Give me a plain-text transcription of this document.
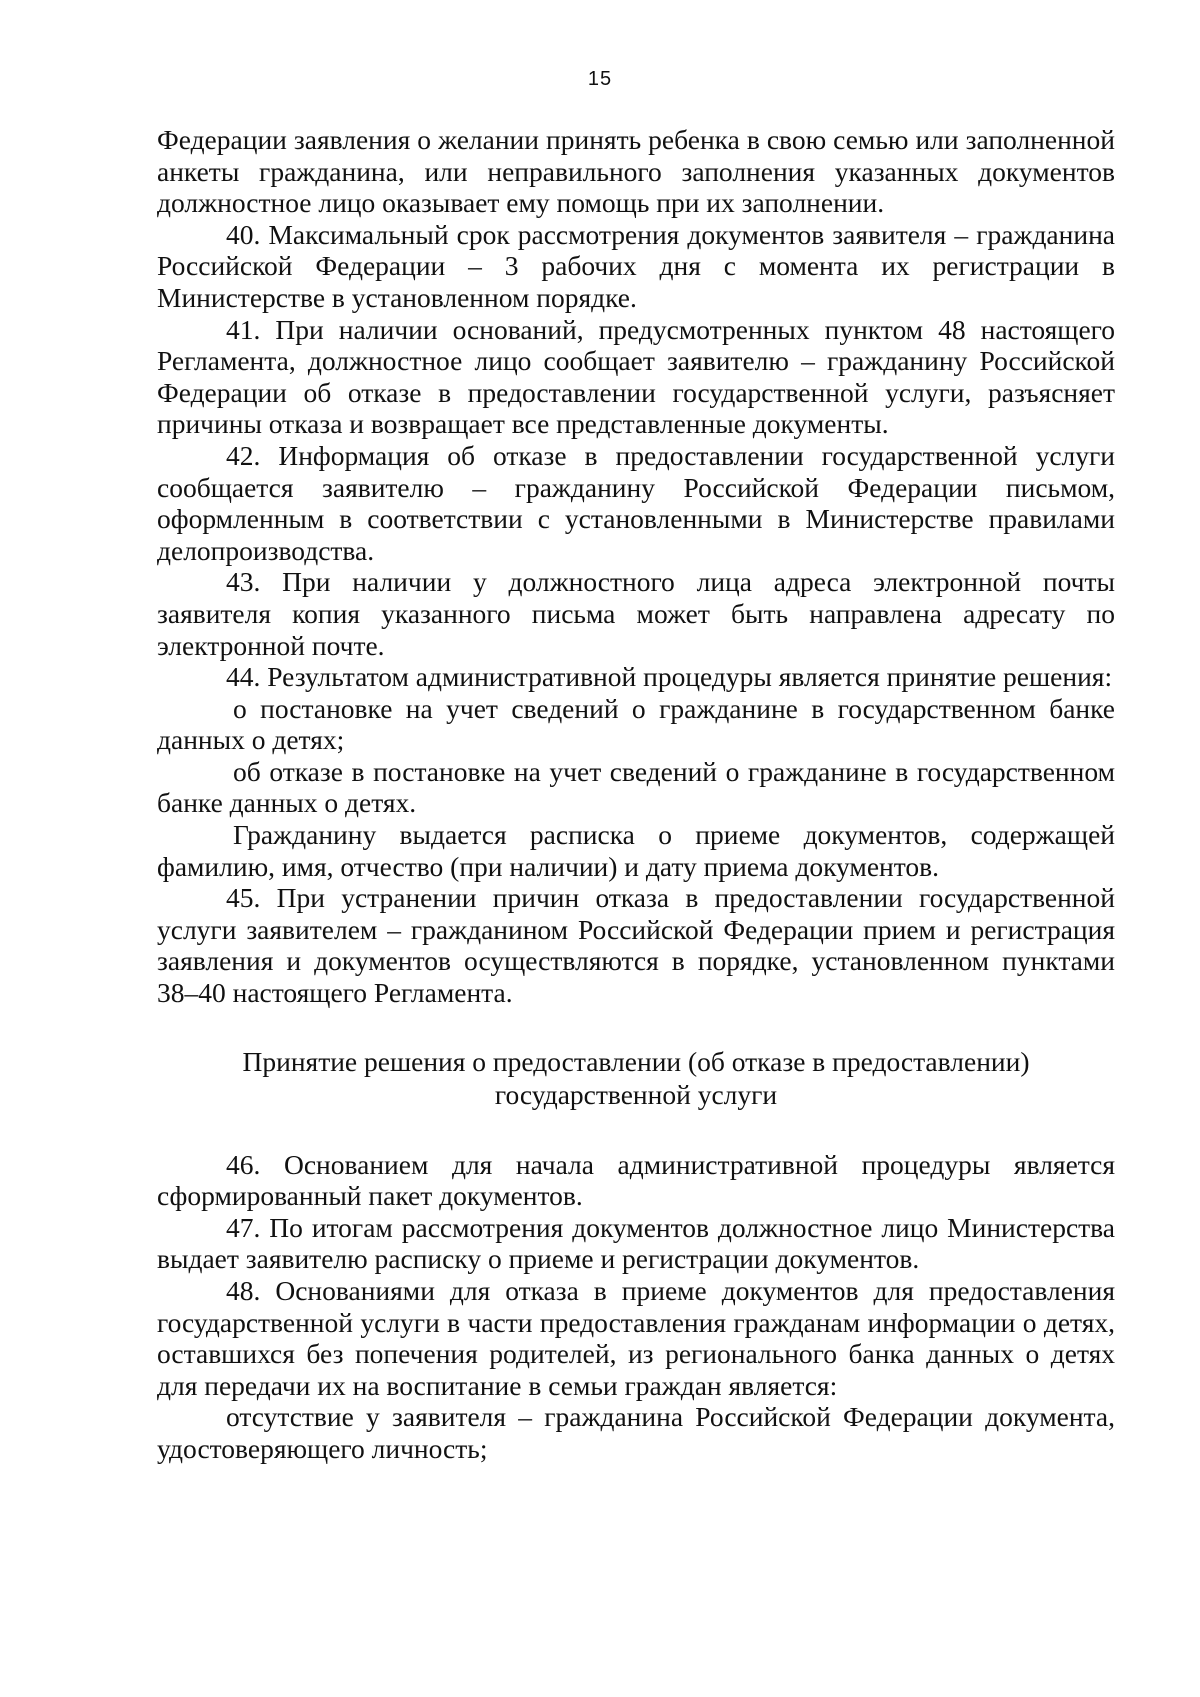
15

Федерации заявления о желании принять ребенка в свою семью или заполненной анкеты гражданина, или неправильного заполнения указанных документов должностное лицо оказывает ему помощь при их заполнении.

40. Максимальный срок рассмотрения документов заявителя – гражданина Российской Федерации – 3 рабочих дня с момента их регистрации в Министерстве в установленном порядке.

41. При наличии оснований, предусмотренных пунктом 48 настоящего Регламента, должностное лицо сообщает заявителю – гражданину Российской Федерации об отказе в предоставлении государственной услуги, разъясняет причины отказа и возвращает все представленные документы.

42. Информация об отказе в предоставлении государственной услуги сообщается заявителю – гражданину Российской Федерации письмом, оформленным в соответствии с установленными в Министерстве правилами делопроизводства.

43. При наличии у должностного лица адреса электронной почты заявителя копия указанного письма может быть направлена адресату по электронной почте.

44. Результатом административной процедуры является принятие решения:

о постановке на учет сведений о гражданине в государственном банке данных о детях;

об отказе в постановке на учет сведений о гражданине в государственном банке данных о детях.

Гражданину выдается расписка о приеме документов, содержащей фамилию, имя, отчество (при наличии) и дату приема документов.

45. При устранении причин отказа в предоставлении государственной услуги заявителем – гражданином Российской Федерации прием и регистрация заявления и документов осуществляются в порядке, установленном пунктами 38–40 настоящего Регламента.

Принятие решения о предоставлении (об отказе в предоставлении)
государственной услуги

46. Основанием для начала административной процедуры является сформированный пакет документов.

47. По итогам рассмотрения документов должностное лицо Министерства выдает заявителю расписку о приеме и регистрации документов.

48. Основаниями для отказа в приеме документов для предоставления государственной услуги в части предоставления гражданам информации о детях, оставшихся без попечения родителей, из регионального банка данных о детях для передачи их на воспитание в семьи граждан является:

отсутствие у заявителя – гражданина Российской Федерации документа, удостоверяющего личность;
